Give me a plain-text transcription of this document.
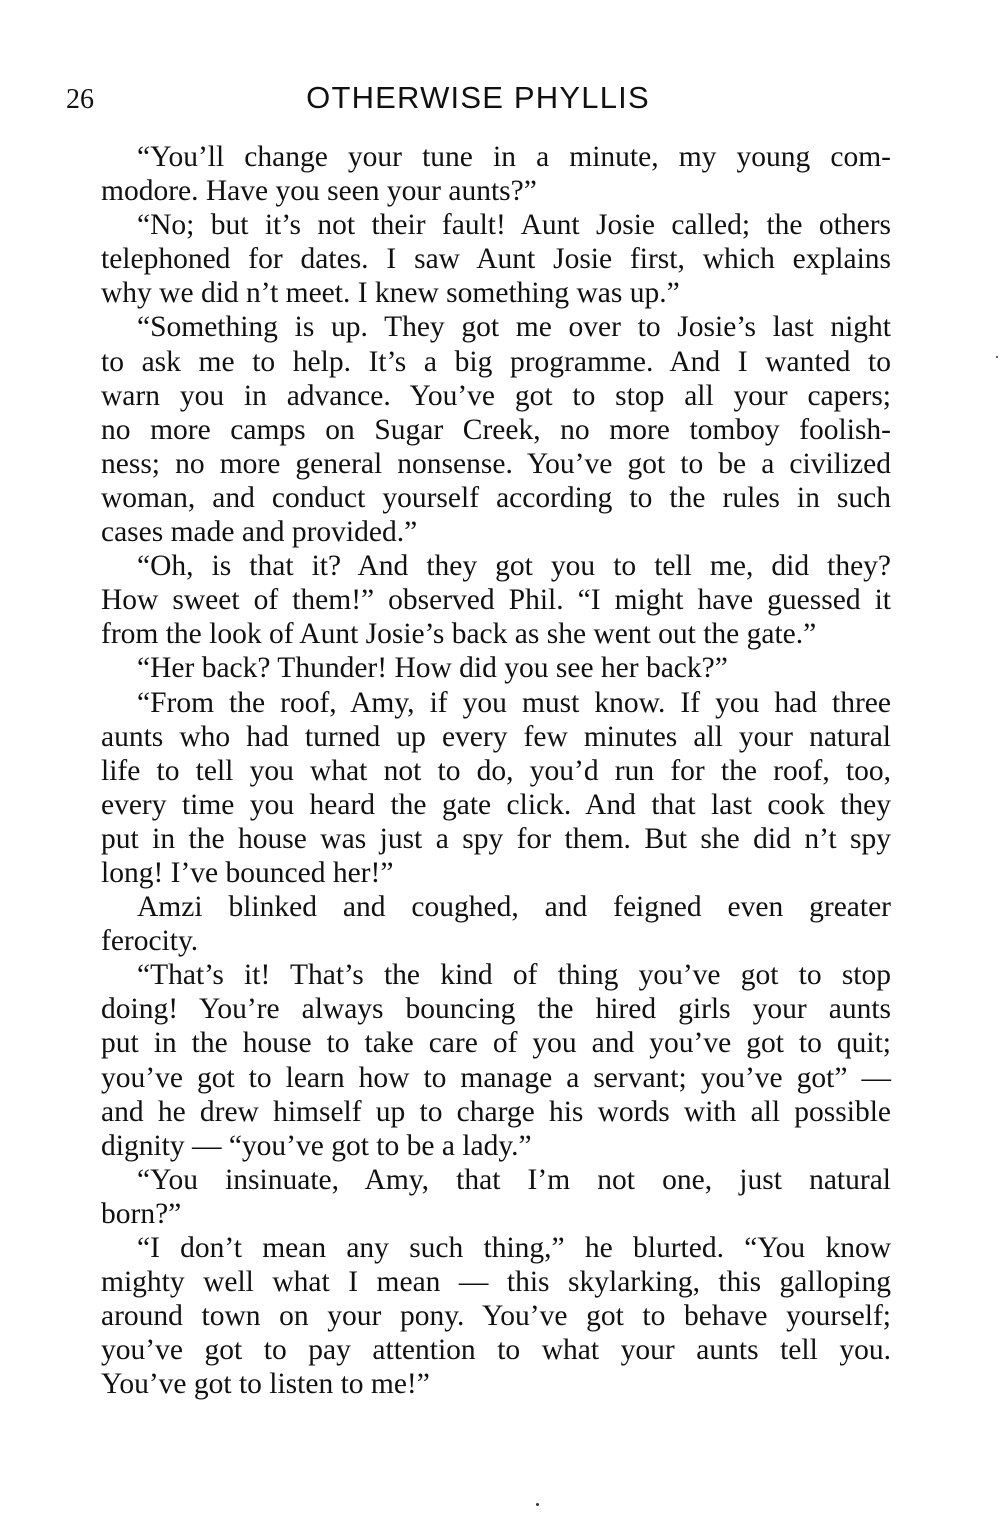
26	OTHERWISE PHYLLIS
“You’ll change your tune in a minute, my young com-
modore. Have you seen your aunts?”
“No; but it’s not their fault! Aunt Josie called; the others
telephoned for dates. I saw Aunt Josie first, which explains
why we did n’t meet. I knew something was up.”
“Something is up. They got me over to Josie’s last night
to ask me to help. It’s a big programme. And I wanted to
warn you in advance. You’ve got to stop all your capers;
no more camps on Sugar Creek, no more tomboy foolish-
ness; no more general nonsense. You’ve got to be a civilized
woman, and conduct yourself according to the rules in such
cases made and provided.”
“Oh, is that it? And they got you to tell me, did they?
How sweet of them!” observed Phil. “I might have guessed it
from the look of Aunt Josie’s back as she went out the gate.”
“Her back? Thunder! How did you see her back?”
“From the roof, Amy, if you must know. If you had three
aunts who had turned up every few minutes all your natural
life to tell you what not to do, you’d run for the roof, too,
every time you heard the gate click. And that last cook they
put in the house was just a spy for them. But she did n’t spy
long! I’ve bounced her!”
Amzi blinked and coughed, and feigned even greater
ferocity.
“That’s it! That’s the kind of thing you’ve got to stop
doing! You’re always bouncing the hired girls your aunts
put in the house to take care of you and you’ve got to quit;
you’ve got to learn how to manage a servant; you’ve got” —
and he drew himself up to charge his words with all possible
dignity — “you’ve got to be a lady.”
“You insinuate, Amy, that I’m not one, just natural
born?”
“I don’t mean any such thing,” he blurted. “You know
mighty well what I mean — this skylarking, this galloping
around town on your pony. You’ve got to behave yourself;
you’ve got to pay attention to what your aunts tell you.
You’ve got to listen to me!”
